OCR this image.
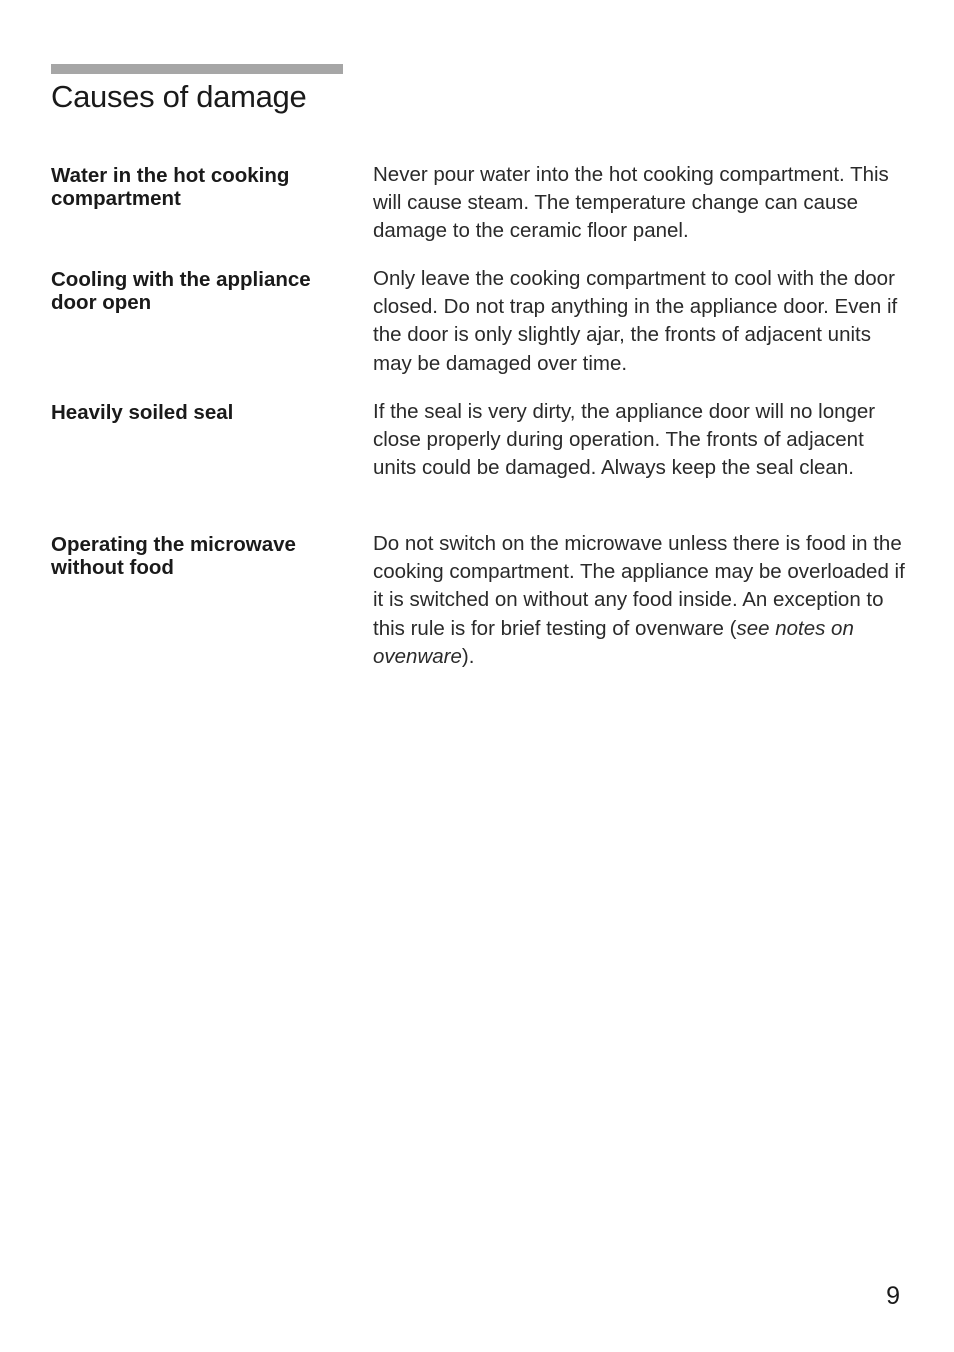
Causes of damage
Water in the hot cooking compartment
Never pour water into the hot cooking compartment. This will cause steam. The temperature change can cause damage to the ceramic floor panel.
Cooling with the appliance door open
Only leave the cooking compartment to cool with the door closed. Do not trap anything in the appliance door. Even if the door is only slightly ajar, the fronts of adjacent units may be damaged over time.
Heavily soiled seal	If the seal is very dirty, the appliance door will no longer close properly during operation. The fronts of adjacent units could be damaged. Always keep the seal clean.
Operating the microwave without food
Do not switch on the microwave unless there is food in the cooking compartment. The appliance may be overloaded if it is switched on without any food inside. An exception to this rule is for brief testing of ovenware (see notes on ovenware).
9
